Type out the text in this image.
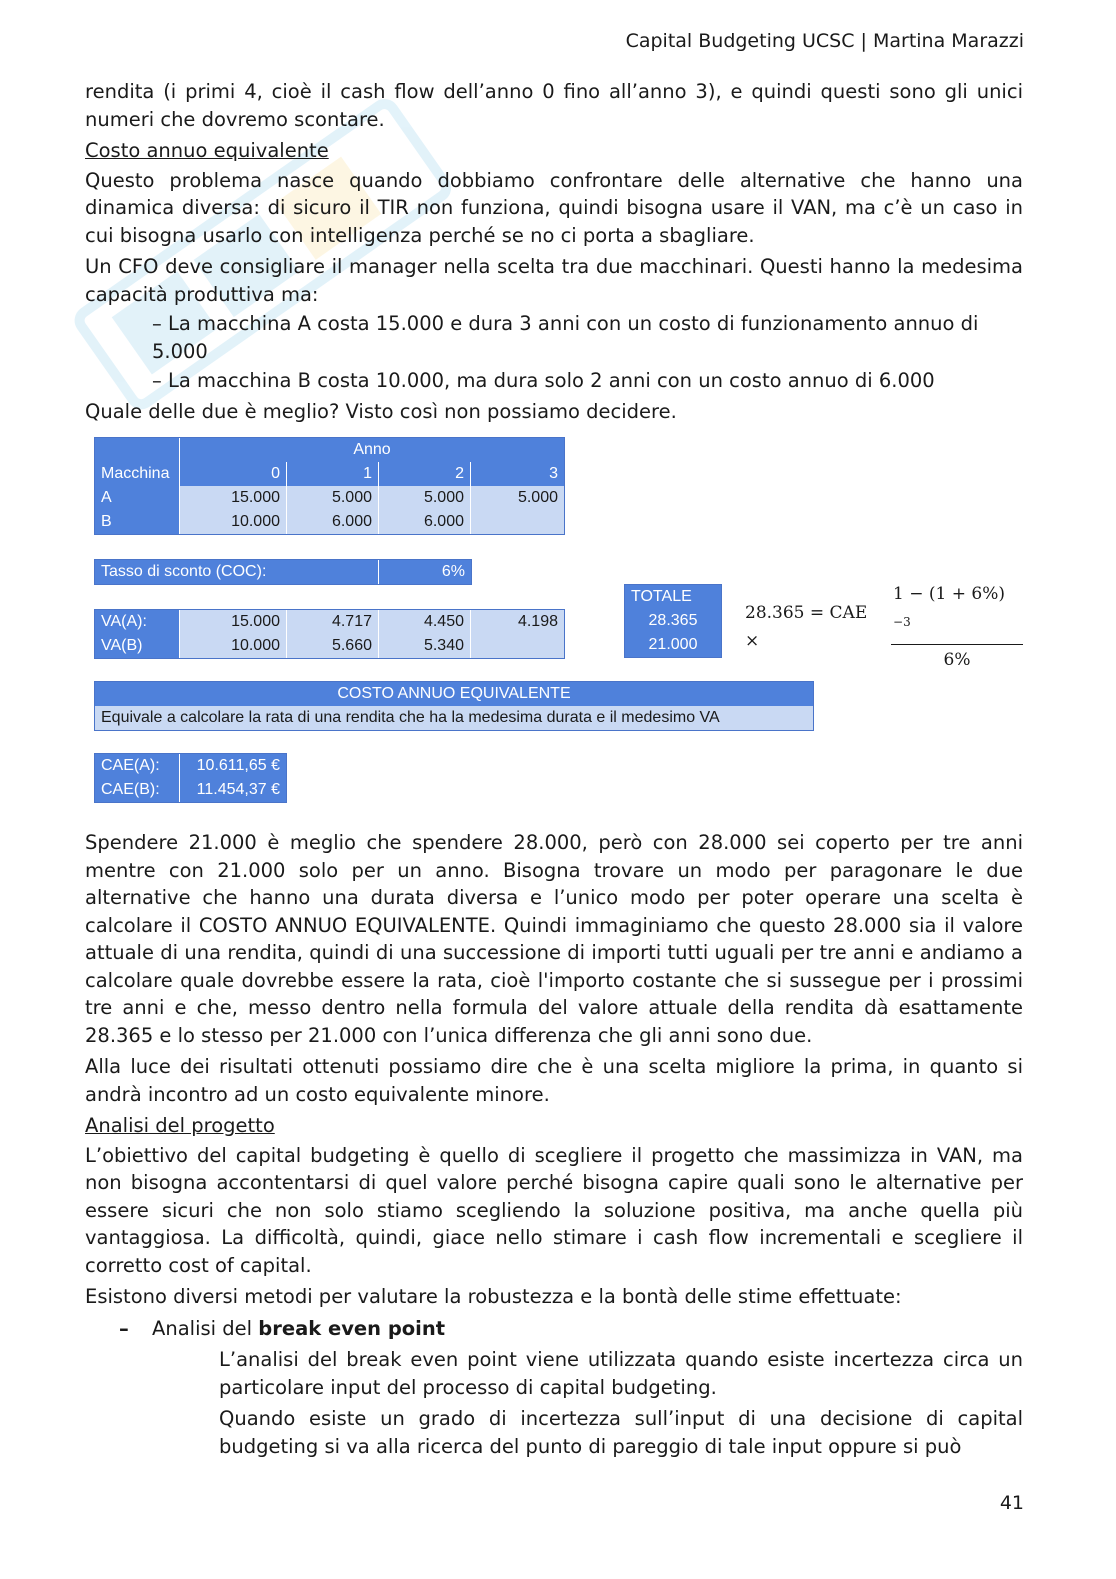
Capital Budgeting UCSC | Martina Marazzi

rendita (i primi 4, cioè il cash flow dell’anno 0 fino all’anno 3), e quindi questi sono gli unici numeri che dovremo scontare.

Costo annuo equivalente

Questo problema nasce quando dobbiamo confrontare delle alternative che hanno una dinamica diversa: di sicuro il TIR non funziona, quindi bisogna usare il VAN, ma c’è un caso in cui bisogna usarlo con intelligenza perché se no ci porta a sbagliare.

Un CFO deve consigliare il manager nella scelta tra due macchinari. Questi hanno la medesima capacità produttiva ma:

– La macchina A costa 15.000 e dura 3 anni con un costo di funzionamento annuo di

5.000

– La macchina B costa 10.000, ma dura solo 2 anni con un costo annuo di 6.000

Quale delle due è meglio? Visto così non possiamo decidere.

Anno
Macchina	0	1	2	3
A	15.000	5.000	5.000	5.000
B	10.000	6.000	6.000
Tasso di sconto (COC):	6%
VA(A):	15.000	4.717	4.450	4.198
VA(B)	10.000	5.660	5.340
TOTALE
28.365
21.000
28.365 = CAE ×	$\frac{1 - (1 + 6\%)^{-3}}{6\%}$
COSTO ANNUO EQUIVALENTE
Equivale a calcolare la rata di una rendita che ha la medesima durata e il medesimo VA
CAE(A):	10.611,65 €
CAE(B):	11.454,37 €

Spendere 21.000 è meglio che spendere 28.000, però con 28.000 sei coperto per tre anni mentre con 21.000 solo per un anno. Bisogna trovare un modo per paragonare le due alternative che hanno una durata diversa e l’unico modo per poter operare una scelta è calcolare il COSTO ANNUO EQUIVALENTE. Quindi immaginiamo che questo 28.000 sia il valore attuale di una rendita, quindi di una successione di importi tutti uguali per tre anni e andiamo a calcolare quale dovrebbe essere la rata, cioè l'importo costante che si sussegue per i prossimi tre anni e che, messo dentro nella formula del valore attuale della rendita dà esattamente 28.365 e lo stesso per 21.000 con l’unica differenza che gli anni sono due.

Alla luce dei risultati ottenuti possiamo dire che è una scelta migliore la prima, in quanto si andrà incontro ad un costo equivalente minore.

Analisi del progetto

L’obiettivo del capital budgeting è quello di scegliere il progetto che massimizza in VAN, ma non bisogna accontentarsi di quel valore perché bisogna capire quali sono le alternative per essere sicuri che non solo stiamo scegliendo la soluzione positiva, ma anche quella più vantaggiosa. La difficoltà, quindi, giace nello stimare i cash flow incrementali e scegliere il corretto cost of capital.

Esistono diversi metodi per valutare la robustezza e la bontà delle stime effettuate:

–	Analisi del break even point

L’analisi del break even point viene utilizzata quando esiste incertezza circa un particolare input del processo di capital budgeting.

Quando esiste un grado di incertezza sull’input di una decisione di capital budgeting si va alla ricerca del punto di pareggio di tale input oppure si può

41
